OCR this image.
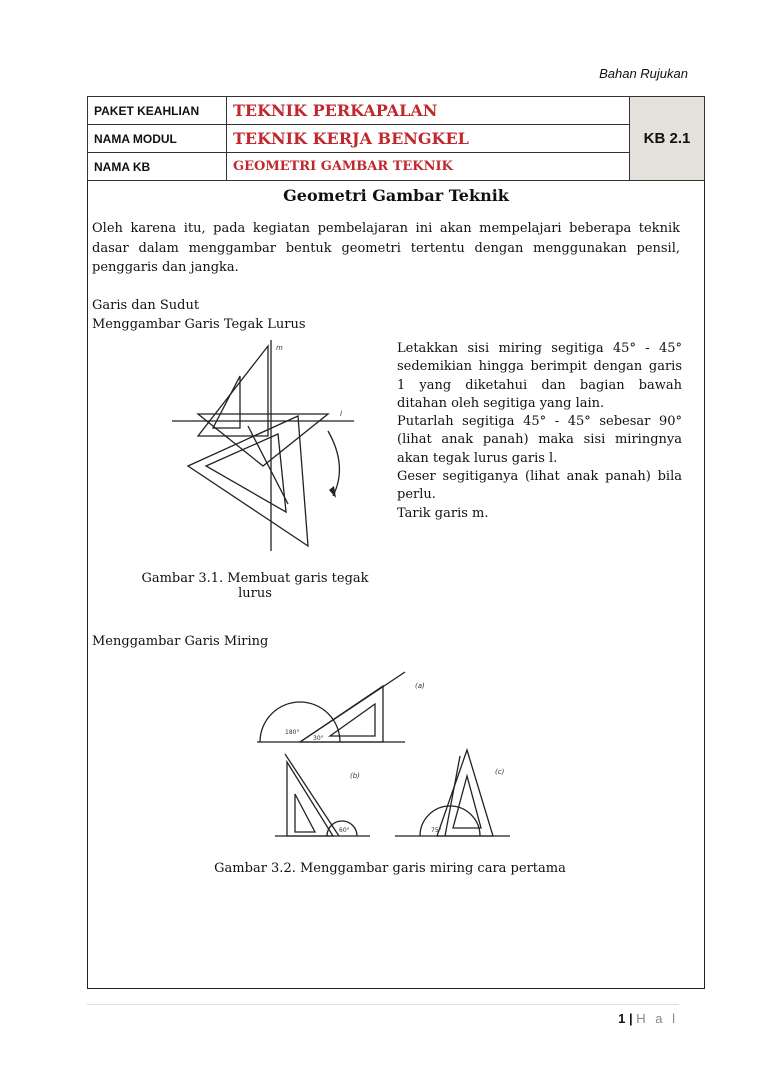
Bahan Rujukan
PAKET KEAHLIAN	TEKNIK PERKAPALAN	KB 2.1
NAMA MODUL	TEKNIK KERJA BENGKEL	
NAMA KB	GEOMETRI GAMBAR TEKNIK	
Geometri Gambar Teknik
Oleh karena itu, pada kegiatan pembelajaran ini akan mempelajari beberapa teknik dasar dalam menggambar bentuk geometri tertentu dengan menggunakan pensil, penggaris dan jangka.
Garis dan Sudut
Menggambar Garis Tegak Lurus
m
l

Letakkan sisi miring segitiga 45° - 45° sedemikian hingga berimpit dengan garis 1 yang diketahui dan bagian bawah ditahan oleh segitiga yang lain.

Putarlah segitiga 45° - 45° sebesar 90° (lihat anak panah) maka sisi miringnya akan tegak lurus garis l.

Geser segitiganya (lihat anak panah) bila perlu.

Tarik garis m.

Gambar 3.1. Membuat garis tegak
lurus
Menggambar Garis Miring
(a)
30°
180°
(b)
60°
(c)
75°
Gambar 3.2. Menggambar garis miring cara pertama
1 | H a l
